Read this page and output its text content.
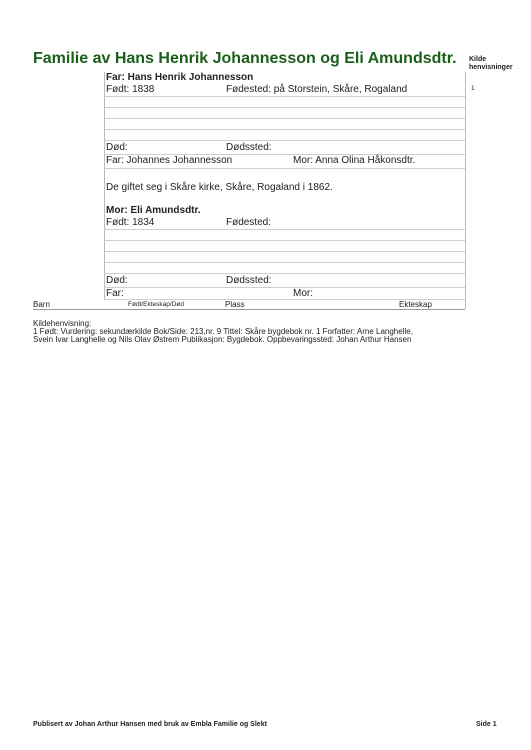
Familie av Hans Henrik Johannesson og Eli Amundsdtr. Kilde
henvisninger
Far: Hans Henrik Johannesson
Født: 1838	Fødested: på Storstein, Skåre, Rogaland	1
Død:	Dødssted:
Far: Johannes Johannesson	Mor: Anna Olina Håkonsdtr.
De giftet seg i Skåre kirke, Skåre, Rogaland i 1862.
Mor: Eli Amundsdtr.
Født: 1834	Fødested:
Død:	Dødssted:
Far:	Mor:
Barn	Født/Ekteskap/Død	Plass	Ekteskap
Kildehenvisning:
1 Født: Vurdering: sekundærkilde Bok/Side: 213,nr. 9 Tittel: Skåre bygdebok nr. 1 Forfatter: Arne Langhelle,
Svein Ivar Langhelle og Nils Olav Østrem Publikasjon: Bygdebok. Oppbevaringssted: Johan Arthur Hansen
Publisert av Johan Arthur Hansen med bruk av Embla Familie og Slekt	Side 1
